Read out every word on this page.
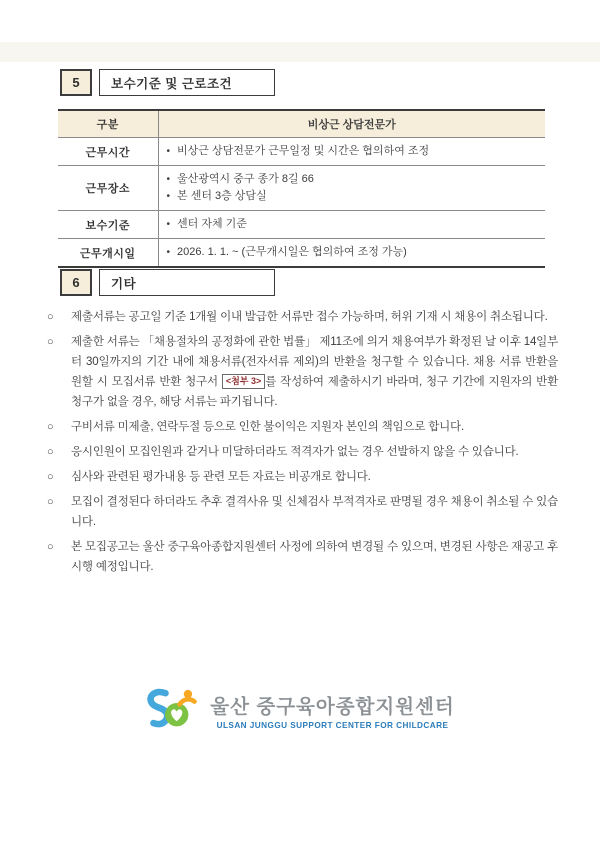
5	보수기준 및 근로조건
구분	비상근 상담전문가
근무시간	• 비상근 상담전문가 근무일정 및 시간은 협의하여 조정

근무장소	• 울산광역시 중구 종가 8길 66
• 본 센터 3층 상담실

보수기준	• 센터 자체 기준

근무개시일	• 2026. 1. 1. ~ (근무개시일은 협의하여 조정 가능)
6	기타
○ 제출서류는 공고일 기준 1개월 이내 발급한 서류만 접수 가능하며, 허위 기재 시 채용이 취소됩니다.
○ 제출한 서류는 「채용절차의 공정화에 관한 법률」 제11조에 의거 채용여부가 확정된 날 이후 14일부터 30일까지의 기간 내에 채용서류(전자서류 제외)의 반환을 청구할 수 있습니다. 채용 서류 반환을 원할 시 모집서류 반환 청구서 <첨부 3> 를 작성하여 제출하시기 바라며, 청구 기간에 지원자의 반환 청구가 없을 경우, 해당 서류는 파기됩니다.
○ 구비서류 미제출, 연락두절 등으로 인한 불이익은 지원자 본인의 책임으로 합니다.
○ 응시인원이 모집인원과 같거나 미달하더라도 적격자가 없는 경우 선발하지 않을 수 있습니다.
○ 심사와 관련된 평가내용 등 관련 모든 자료는 비공개로 합니다.
○ 모집이 결정된다 하더라도 추후 결격사유 및 신체검사 부적격자로 판명될 경우 채용이 취소될 수 있습니다.
○ 본 모집공고는 울산 중구육아종합지원센터 사정에 의하여 변경될 수 있으며, 변경된 사항은 재공고 후 시행 예정입니다.
울산 중구육아종합지원센터
ULSAN JUNGGU SUPPORT CENTER FOR CHILDCARE
